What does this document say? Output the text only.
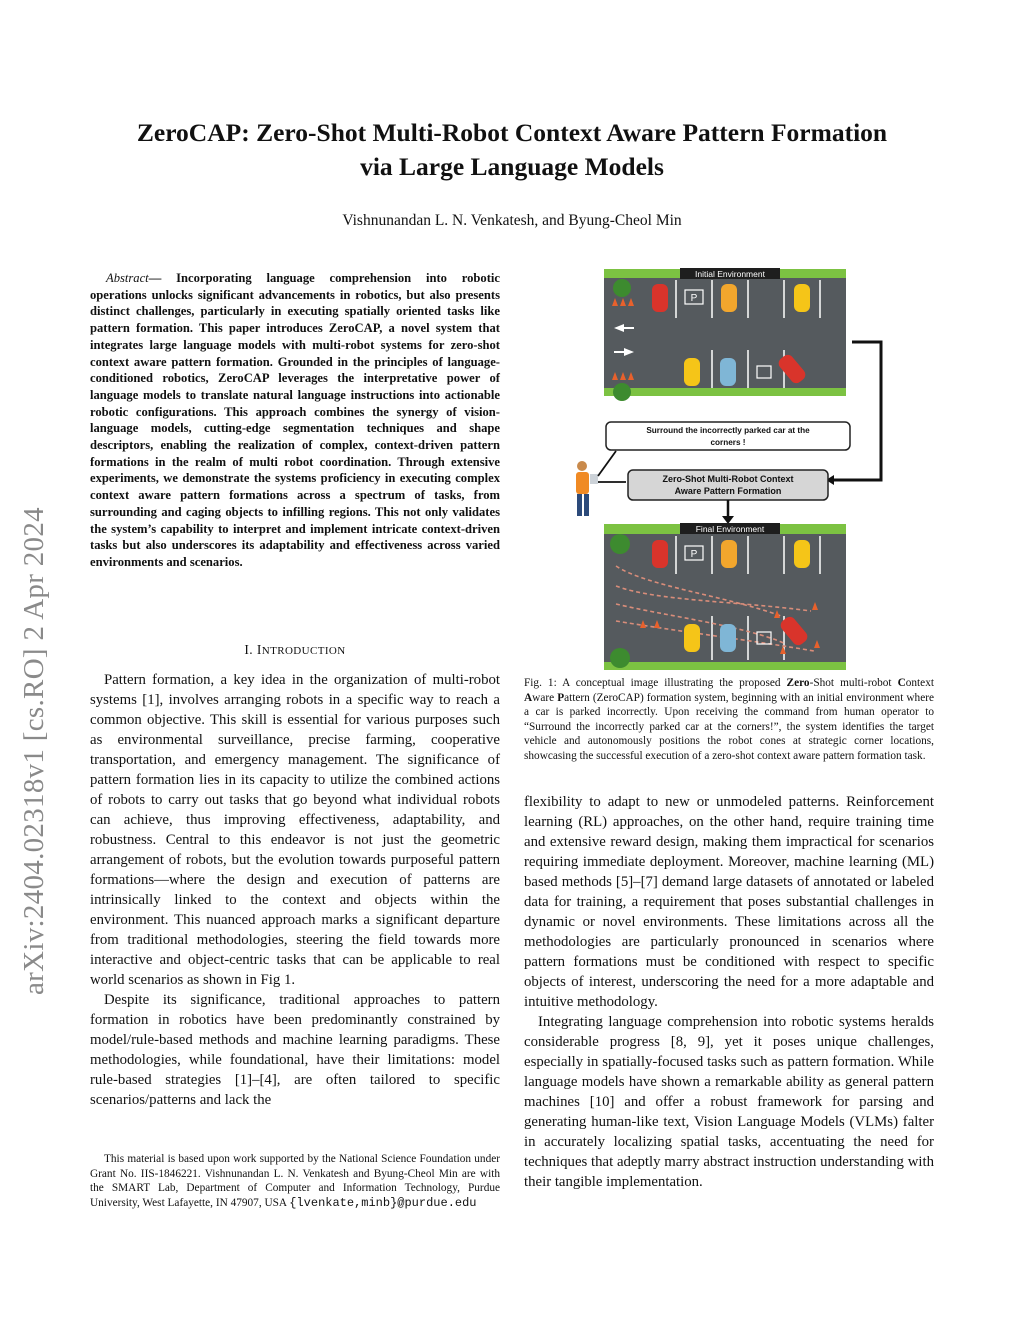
arXiv:2404.02318v1 [cs.RO] 2 Apr 2024
ZeroCAP: Zero-Shot Multi-Robot Context Aware Pattern Formation
via Large Language Models
Vishnunandan L. N. Venkatesh, and Byung-Cheol Min

Abstract— Incorporating language comprehension into robotic operations unlocks significant advancements in robotics, but also presents distinct challenges, particularly in executing spatially oriented tasks like pattern formation. This paper introduces ZeroCAP, a novel system that integrates large language models with multi-robot systems for zero-shot context aware pattern formation. Grounded in the principles of language-conditioned robotics, ZeroCAP leverages the interpretative power of language models to translate natural language instructions into actionable robotic configurations. This approach combines the synergy of vision-language models, cutting-edge segmentation techniques and shape descriptors, enabling the realization of complex, context-driven pattern formations in the realm of multi robot coordination. Through extensive experiments, we demonstrate the systems proficiency in executing complex context aware pattern formations across a spectrum of tasks, from surrounding and caging objects to infilling regions. This not only validates the system’s capability to interpret and implement intricate context-driven tasks but also underscores its adaptability and effectiveness across varied environments and scenarios.

I. INTRODUCTION

Pattern formation, a key idea in the organization of multi-robot systems [1], involves arranging robots in a specific way to reach a common objective. This skill is essential for various purposes such as environmental surveillance, precise farming, cooperative transportation, and emergency management. The significance of pattern formation lies in its capacity to utilize the combined actions of robots to carry out tasks that go beyond what individual robots can achieve, thus improving effectiveness, adaptability, and robustness. Central to this endeavor is not just the geometric arrangement of robots, but the evolution towards purposeful pattern formations—where the design and execution of patterns are intrinsically linked to the context and objects within the environment. This nuanced approach marks a significant departure from traditional methodologies, steering the field towards more interactive and object-centric tasks that can be applicable to real world scenarios as shown in Fig 1.

Despite its significance, traditional approaches to pattern formation in robotics have been predominantly constrained by model/rule-based methods and machine learning paradigms. These methodologies, while foundational, have their limitations: model rule-based strategies [1]–[4], are often tailored to specific scenarios/patterns and lack the

This material is based upon work supported by the National Science Foundation under Grant No. IIS-1846221. Vishnunandan L. N. Venkatesh and Byung-Cheol Min are with the SMART Lab, Department of Computer and Information Technology, Purdue University, West Lafayette, IN 47907, USA {lvenkate,minb}@purdue.edu

Initial Environment
P
Surround the incorrectly parked car at the
corners !
Zero-Shot Multi-Robot Context
Aware Pattern Formation
Final Environment
P

Fig. 1: A conceptual image illustrating the proposed Zero-Shot multi-robot Context Aware Pattern (ZeroCAP) formation system, beginning with an initial environment where a car is parked incorrectly. Upon receiving the command from human operator to “Surround the incorrectly parked car at the corners!”, the system identifies the target vehicle and autonomously positions the robot cones at strategic corner locations, showcasing the successful execution of a zero-shot context aware pattern formation task.

flexibility to adapt to new or unmodeled patterns. Reinforcement learning (RL) approaches, on the other hand, require training time and extensive reward design, making them impractical for scenarios requiring immediate deployment. Moreover, machine learning (ML) based methods [5]–[7] demand large datasets of annotated or labeled data for training, a requirement that poses substantial challenges in dynamic or novel environments. These limitations across all the methodologies are particularly pronounced in scenarios where pattern formations must be conditioned with respect to specific objects of interest, underscoring the need for a more adaptable and intuitive methodology.

Integrating language comprehension into robotic systems heralds considerable progress [8, 9], yet it poses unique challenges, especially in spatially-focused tasks such as pattern formation. While language models have shown a remarkable ability as general pattern machines [10] and offer a robust framework for parsing and generating human-like text, Vision Language Models (VLMs) falter in accurately localizing spatial tasks, accentuating the need for techniques that adeptly marry abstract instruction understanding with their tangible implementation.
